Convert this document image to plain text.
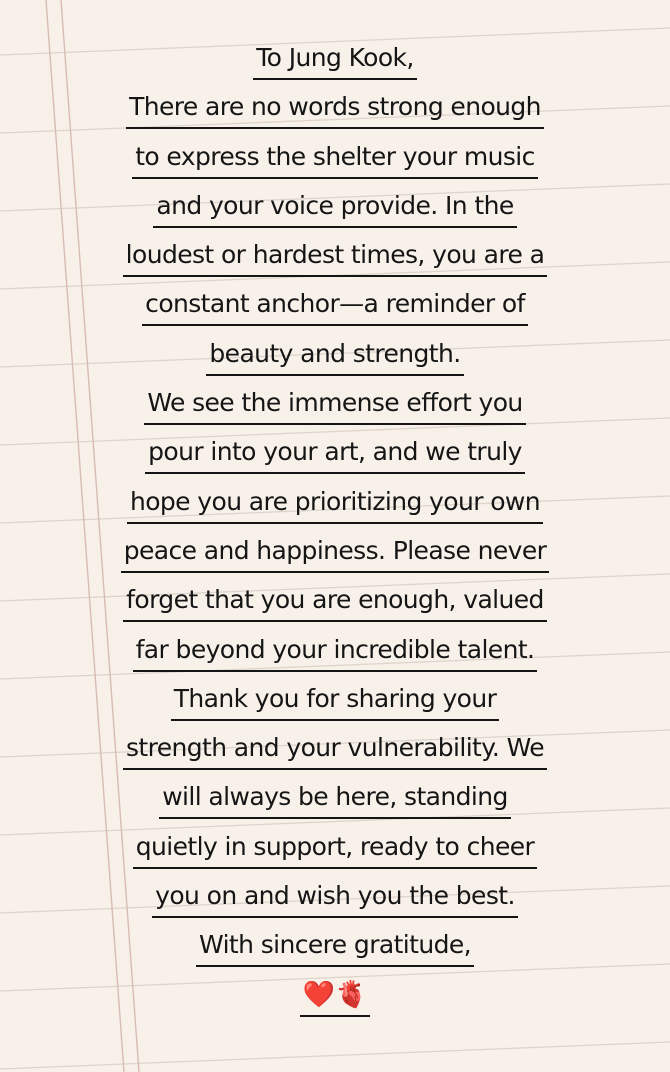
To Jung Kook,
There are no words strong enough
to express the shelter your music
and your voice provide. In the
loudest or hardest times, you are a
constant anchor—a reminder of
beauty and strength.
We see the immense effort you
pour into your art, and we truly
hope you are prioritizing your own
peace and happiness. Please never
forget that you are enough, valued
far beyond your incredible talent.
Thank you for sharing your
strength and your vulnerability. We
will always be here, standing
quietly in support, ready to cheer
you on and wish you the best.
With sincere gratitude,
❤️🫀
